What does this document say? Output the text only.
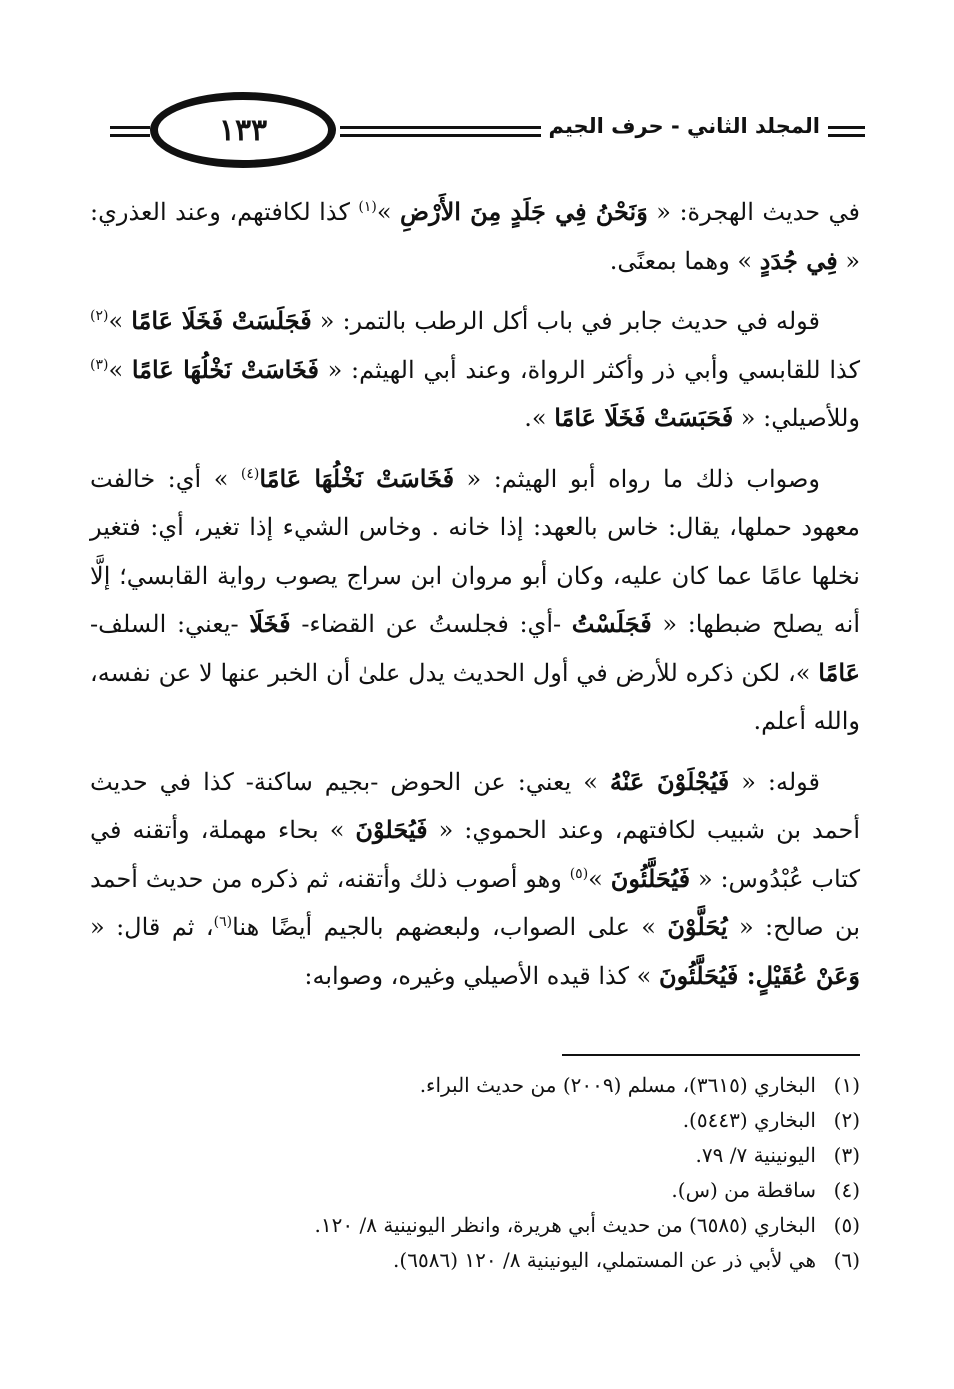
١٣٣	المجلد الثاني - حرف الجيم

في حديث الهجرة: « وَنَحْنُ فِي جَلَدٍ مِنَ الأَرْضِ »$^{(١)}$ كذا لكافتهم، وعند العذري: « فِي جُدَدٍ » وهما بمعنًى.

قوله في حديث جابر في باب أكل الرطب بالتمر: « فَجَلَسَتْ فَخَلَا عَامًا »$^{(٢)}$ كذا للقابسي وأبي ذر وأكثر الرواة، وعند أبي الهيثم: « فَخَاسَتْ نَخْلُهَا عَامًا »$^{(٣)}$ وللأصيلي: « فَحَبَسَتْ فَخَلَا عَامًا ».

وصواب ذلك ما رواه أبو الهيثم: « فَخَاسَتْ نَخْلُهَا عَامًا$^{(٤)}$ » أي: خالفت معهود حملها، يقال: خاس بالعهد: إذا خانه . وخاس الشيء إذا تغير، أي: فتغير نخلها عامًا عما كان عليه، وكان أبو مروان ابن سراج يصوب رواية القابسي؛ إلَّا أنه يصلح ضبطها: « فَجَلَسْتُ -أي: فجلستُ عن القضاء- فَخَلَا -يعني: السلف- عَامًا »، لكن ذكره للأرض في أول الحديث يدل علىٰ أن الخبر عنها لا عن نفسه، والله أعلم.

قوله: « فَيُجْلَوْنَ عَنْهُ » يعني: عن الحوض -بجيم ساكنة- كذا في حديث أحمد بن شبيب لكافتهم، وعند الحموي: « فَيُحَلوْنَ » بحاء مهملة، وأتقنه في كتاب عُبْدُوس: « فَيُحَلَّئُونَ »$^{(٥)}$ وهو أصوب ذلك وأتقنه، ثم ذكره من حديث أحمد بن صالح: « يُحَلَّوْنَ » على الصواب، ولبعضهم بالجيم أيضًا هنا$^{(٦)}$، ثم قال: « وَعَنْ عُقَيْلٍ: فَيُحَلَّئُونَ » كذا قيده الأصيلي وغيره، وصوابه:

(١)البخاري (٣٦١٥)، مسلم (٢٠٠٩) من حديث البراء.
(٢)البخاري (٥٤٤٣).
(٣)اليونينية ٧/ ٧٩.
(٤)ساقطة من (س).
(٥)البخاري (٦٥٨٥) من حديث أبي هريرة، وانظر اليونينية ٨/ ١٢٠.
(٦)هي لأبي ذر عن المستملي، اليونينية ٨/ ١٢٠ (٦٥٨٦).
